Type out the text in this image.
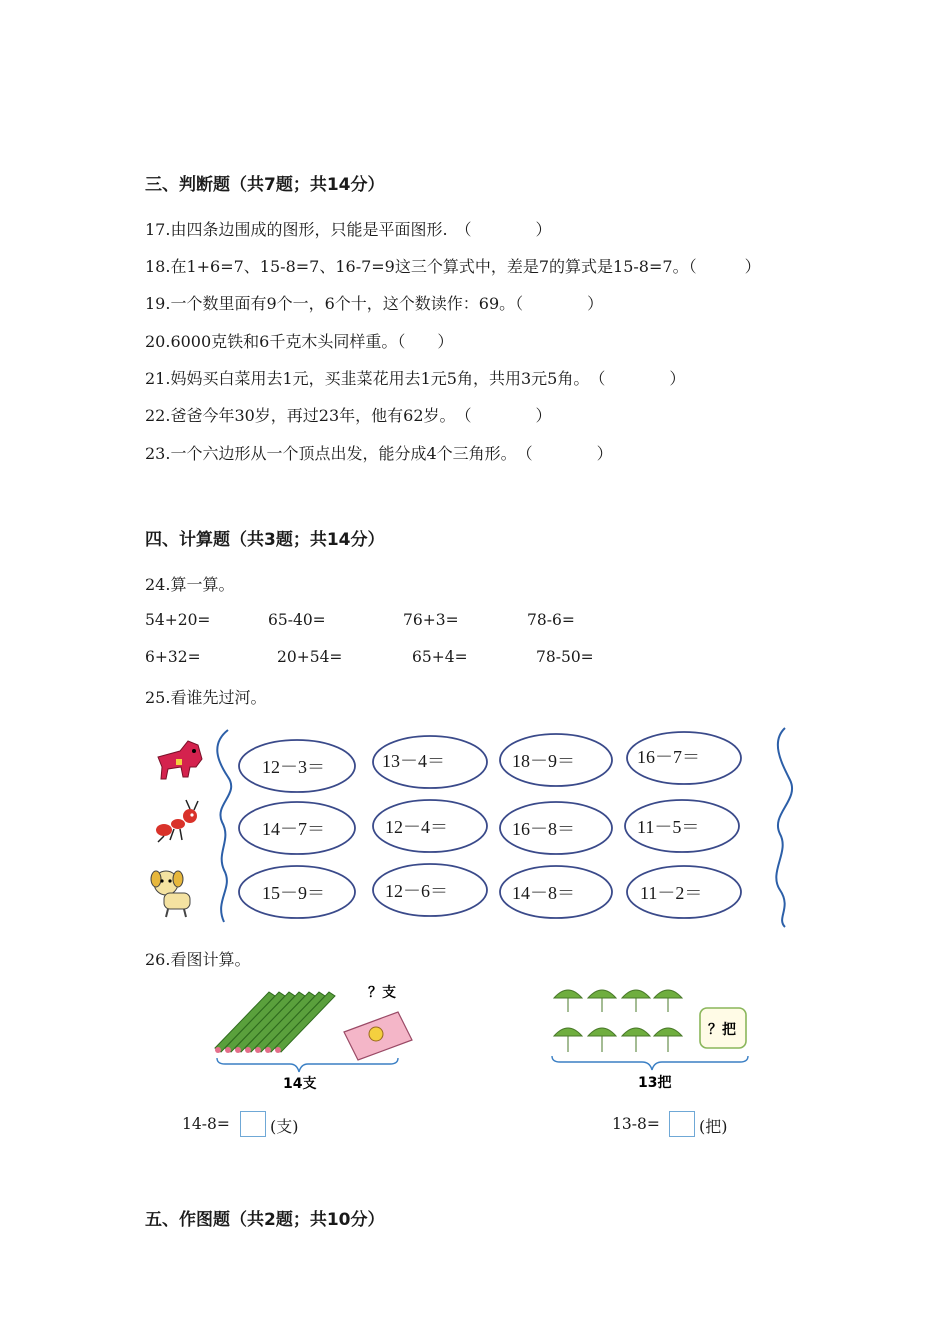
三、判断题（共7题；共14分）
17.由四条边围成的图形，只能是平面图形.　（　　　　）
18.在1+6=7、15-8=7、16-7=9这三个算式中，差是7的算式是15-8=7。（　　　）
19.一个数里面有9个一，6个十，这个数读作：69。（　　　　）
20.6000克铁和6千克木头同样重。（　　）
21.妈妈买白菜用去1元，买韭菜花用去1元5角，共用3元5角。　（　　　　）
22.爸爸今年30岁，再过23年，他有62岁。　（　　　　）
23.一个六边形从一个顶点出发，能分成4个三角形。　（　　　　）
四、计算题（共3题；共14分）
24.算一算。
54+20=	65-40=	76+3=	78-6=
6+32=	20+54=	65+4=	78-50=
25.看谁先过河。
12－3＝	13－4＝	18－9＝	16－7＝
14－7＝	12－4＝	16－8＝	11－5＝
15－9＝	12－6＝	14－8＝	11－2＝
26.看图计算。
？支
14支
？把
13把
14-8=	(支)	13-8= (把)
五、作图题（共2题；共10分）
